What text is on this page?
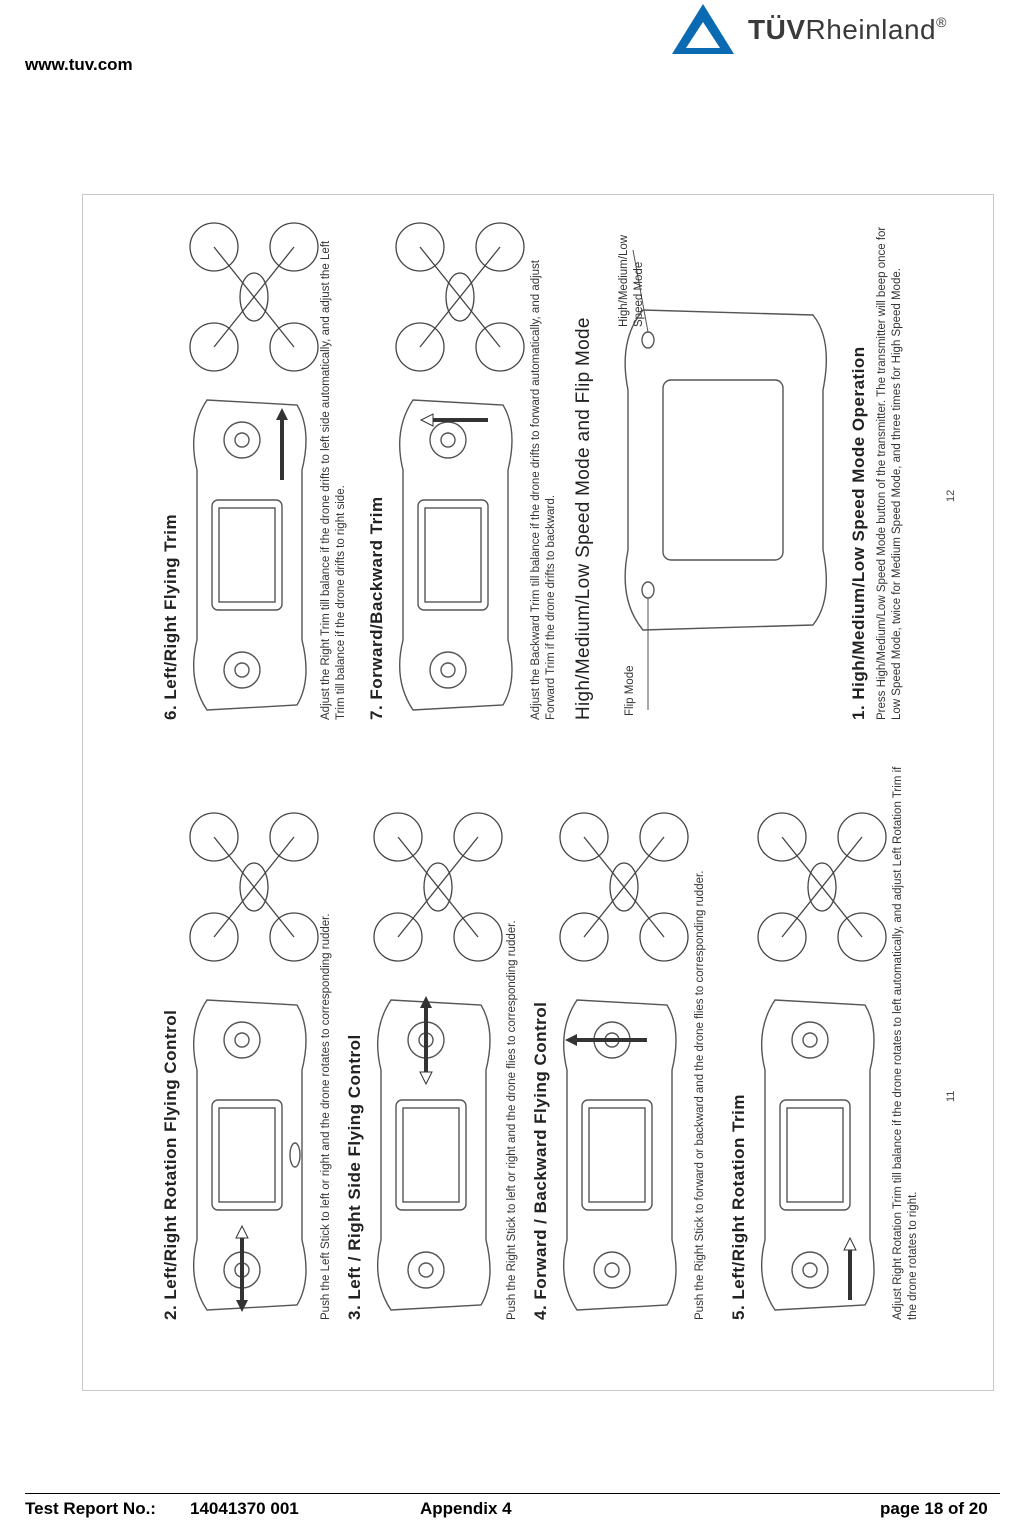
www.tuv.com
TÜVRheinland®
2. Left/Right Rotation Flying Control	Push the Left Stick to left or right and the drone rotates to corresponding rudder. 3. Left / Right Side Flying Control	Push the Right Stick to left or right and the drone flies to corresponding rudder. 4. Forward / Backward Flying Control	Push the Right Stick to forward or backward and the drone flies to corresponding rudder. 5. Left/Right Rotation Trim	Adjust Right Rotation Trim till balance if the drone rotates to left automatically, and adjust Left Rotation Trim if the drone rotates to right.
11
6. Left/Right Flying Trim	Adjust the Right Trim till balance if the drone drifts to left side automatically, and adjust the Left Trim till balance if the drone drifts to right side. 7. Forward/Backward Trim	Adjust the Backward Trim till balance if the drone drifts to forward automatically, and adjust Forward Trim if the drone drifts to backward. High/Medium/Low Speed Mode and Flip Mode	Flip Mode
High/Medium/Low Speed Mode
1. High/Medium/Low Speed Mode Operation Press High/Medium/Low Speed Mode button of the transmitter. The transmitter will beep once for Low Speed Mode, twice for Medium Speed Mode, and three times for High Speed Mode.	12
Test Report No.: 14041370 001	Appendix 4	page 18 of 20
